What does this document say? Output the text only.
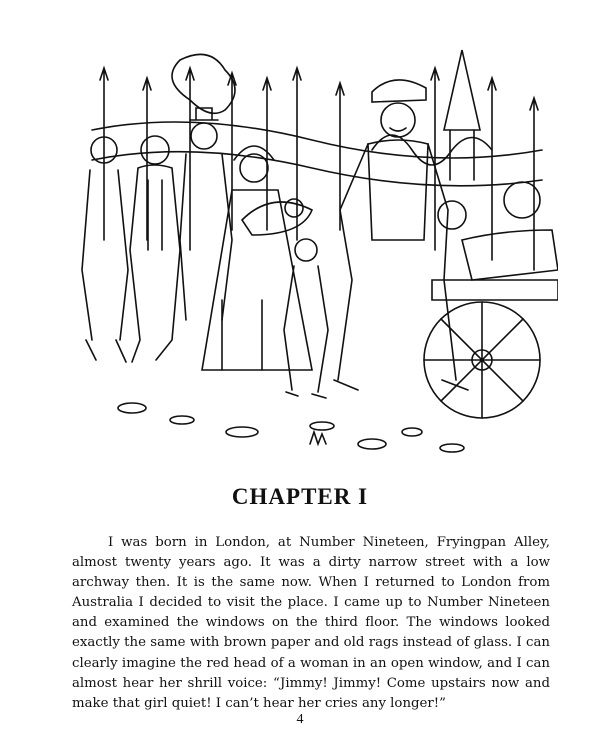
CHAPTER I

I was born in London, at Number Nineteen, Fryingpan Alley, almost twenty years ago. It was a dirty narrow street with a low archway then. It is the same now. When I returned to London from Australia I decided to visit the place. I came up to Number Nineteen and examined the windows on the third floor. The windows looked exactly the same with brown paper and old rags instead of glass. I can clearly imagine the red head of a woman in an open window, and I can almost hear her shrill voice: “Jimmy! Jimmy! Come upstairs now and make that girl quiet! I can’t hear her cries any longer!”

4
